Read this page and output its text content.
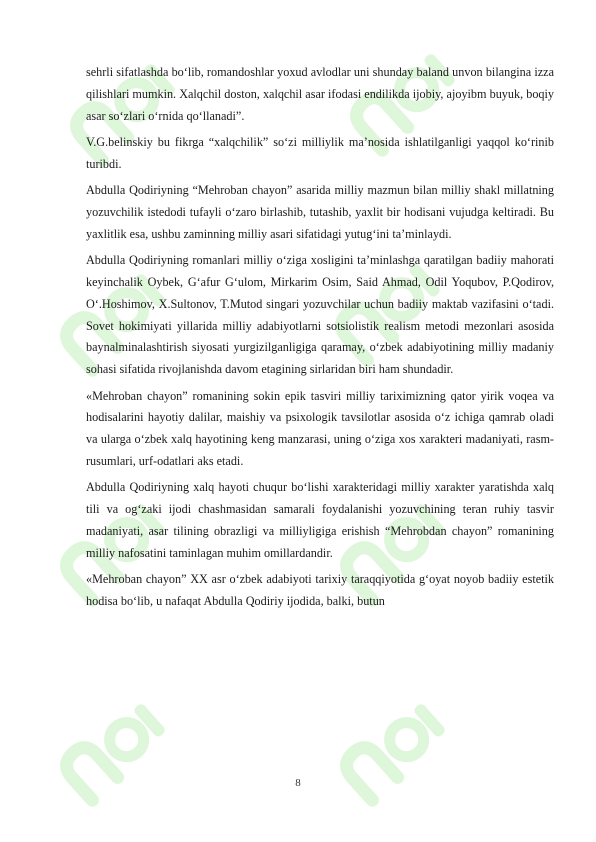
sehrli sifatlashda bo‘lib, romandoshlar yoxud avlodlar uni shunday baland unvon bilangina izza qilishlari mumkin. Xalqchil doston, xalqchil asar ifodasi endilikda ijobiy, ajoyibm buyuk, boqiy asar so‘zlari o‘rnida qo‘llanadi”.

V.G.belinskiy bu fikrga “xalqchilik” so‘zi milliylik ma’nosida ishlatilganligi yaqqol ko‘rinib turibdi.

Abdulla Qodiriyning “Mehroban chayon” asarida milliy mazmun bilan milliy shakl millatning yozuvchilik istedodi tufayli o‘zaro birlashib, tutashib, yaxlit bir hodisani vujudga keltiradi. Bu yaxlitlik esa, ushbu zaminning milliy asari sifatidagi yutug‘ini ta’minlaydi.

Abdulla Qodiriyning romanlari milliy o‘ziga xosligini ta’minlashga qaratilgan badiiy mahorati keyinchalik Oybek, G‘afur G‘ulom, Mirkarim Osim, Said Ahmad, Odil Yoqubov, P.Qodirov, O‘.Hoshimov, X.Sultonov, T.Mutod singari yozuvchilar uchun badiiy maktab vazifasini o‘tadi. Sovet hokimiyati yillarida milliy adabiyotlarni sotsiolistik realism metodi mezonlari asosida baynalminalashtirish siyosati yurgizilganligiga qaramay, o‘zbek adabiyotining milliy madaniy sohasi sifatida rivojlanishda davom etagining sirlaridan biri ham shundadir.

«Mehroban chayon” romanining sokin epik tasviri milliy tariximizning qator yirik voqea va hodisalarini hayotiy dalilar, maishiy va psixologik tavsilotlar asosida o‘z ichiga qamrab oladi va ularga o‘zbek xalq hayotining keng manzarasi, uning o‘ziga xos xarakteri madaniyati, rasm-rusumlari, urf-odatlari aks etadi.

Abdulla Qodiriyning xalq hayoti chuqur bo‘lishi xarakteridagi milliy xarakter yaratishda xalq tili va og‘zaki ijodi chashmasidan samarali foydalanishi yozuvchining teran ruhiy tasvir madaniyati, asar tilining obrazligi va milliyligiga erishish “Mehrobdan chayon” romanining milliy nafosatini taminlagan muhim omillardandir.

«Mehroban chayon” XX asr o‘zbek adabiyoti tarixiy taraqqiyotida g‘oyat noyob badiiy estetik hodisa bo‘lib, u nafaqat Abdulla Qodiriy ijodida, balki, butun

8
